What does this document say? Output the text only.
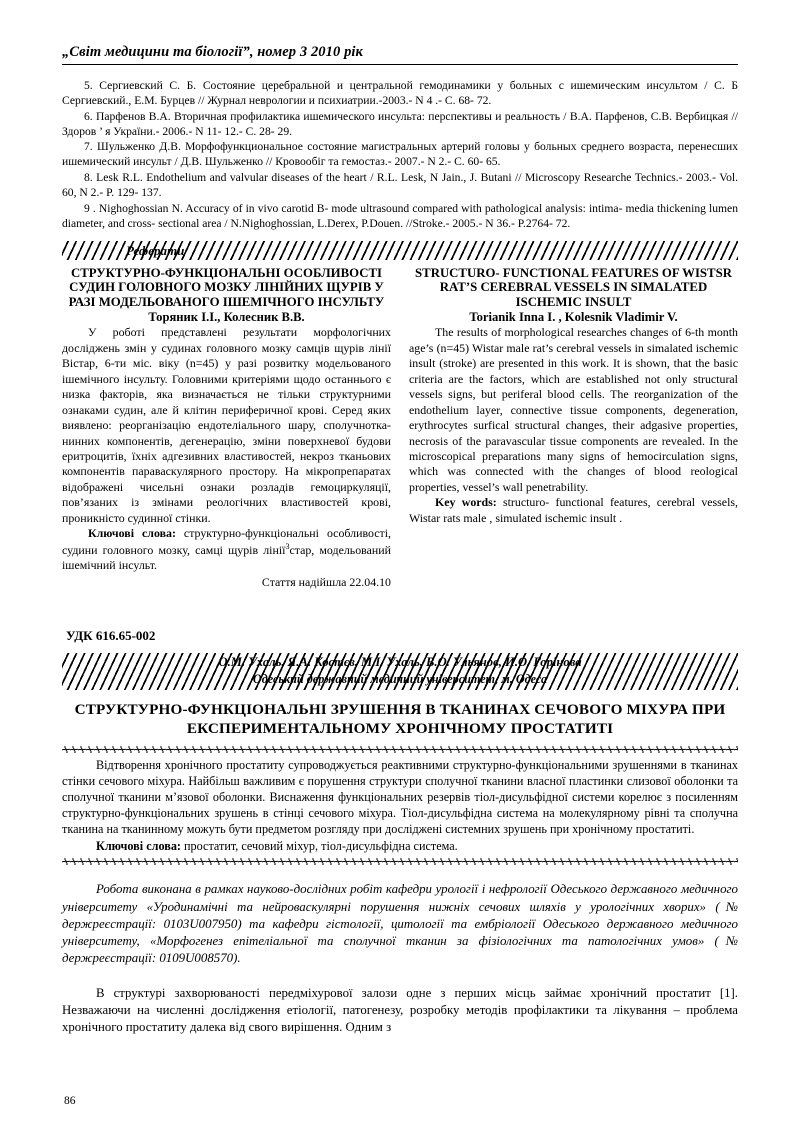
„Світ медицини та біології”, номер 3 2010 рік

5. Сергиевский С. Б. Состояние церебральной и центральной гемодинамики у больных с ишемическим инсультом / С. Б Сергиевский., Е.М. Бурцев // Журнал неврологии и психиатрии.-2003.- N 4 .- С. 68- 72.

6. Парфенов В.А. Вторичная профилактика ишемического инсульта: перспективы и реальность / В.А. Парфенов, С.В. Вербицкая // Здоров ’ я України.- 2006.- N 11- 12.- С. 28- 29.

7. Шульженко Д.В. Морфофункциональное состояние магистральных артерий головы у больных среднего возраста, перенесших ишемический инсульт / Д.В. Шульженко // Кровообіг та гемостаз.- 2007.- N 2.- С. 60- 65.

8. Lesk R.L. Endothelium and valvular diseases of the heart / R.L. Lesk, N Jain., J. Butani // Microscopy Researche Technics.- 2003.- Vol. 60, N 2.- P. 129- 137.

9 . Nighoghossian N. Accuracy of in vivo carotid B- mode ultrasound compared with pathological analysis: intima- media thickening lumen diameter, and cross- sectional area / N.Nighoghossian, L.Derex, P.Douen. //Stroke.- 2005.- N 36.- P.2764- 72.

Реферати

СТРУКТУРНО-ФУНКЦІОНАЛЬНІ ОСОБЛИВОСТІ СУДИН ГОЛОВНОГО МОЗКУ ЛІНІЙНИХ ЩУРІВ У РАЗІ МОДЕЛЬОВАНОГО ІШЕМІЧНОГО ІНСУЛЬТУ

Торяник І.І., Колесник В.В.

У роботі представлені результати морфологічних досліджень змін у судинах головного мозку самців щурів лінії Вістар, 6-ти міс. віку (n=45) у разі розвитку модельованого ішемічного інсульту. Головними критеріями щодо останнього є низка факторів, яка визначається не тільки структурними ознаками судин, але й клітин периферичної крові. Серед яких виявлено: реорганізацію ендотеліального шару, сполучнотка-нинних компонентів, дегенерацію, зміни поверхневої будови еритроцитів, їхніх адгезивних властивостей, некроз тканьових компонентів параваскулярного простору. На мікропрепаратах відображені чисельні ознаки розладів гемоциркуляції, пов’язаних із змінами реологічних властивостей крові, проникністо судинної стінки.

Ключові слова: структурно-функціональні особливості, судини головного мозку, самці щурів лінії$^3$стар, модельований ішемічний інсульт.

Стаття надійшла 22.04.10

STRUCTURO- FUNCTIONAL FEATURES OF WISTSR RAT’S CEREBRAL VESSELS IN SIMALATED ISCHEMIC INSULT

Torianik Inna I. , Kolesnik Vladimir V.

The results of morphological researches changes of 6-th month age’s (n=45) Wistar male rat’s cerebral vessels in simalated ischemic insult (stroke) are presented in this work. It is shown, that the basic criteria are the factors, which are established not only structural vessels signs, but periferal blood cells. The reorganization of the endothelium layer, connective tissue components, degeneration, erythrocytes surfical structural changes, their adgasive properties, necrosis of the paravascular tissue components are revealed. In the microscopical preparations many signs of hemocirculation signs, which was connected with the changes of blood reological properties, vessel’s wall penetrability.

Key words: structuro- functional features, cerebral vessels, Wistar rats male , simulated ischemic insult .

УДК 616.65-002
О.М. Ухаль, Я.А. Костєв, М.І. Ухаль, В.О. Ульянов, И.О. Горінова
Одеський державний медичний університет, м. Одеса
СТРУКТУРНО-ФУНКЦІОНАЛЬНІ ЗРУШЕННЯ В ТКАНИНАХ СЕЧОВОГО МІХУРА ПРИ ЕКСПЕРИМЕНТАЛЬНОМУ ХРОНІЧНОМУ ПРОСТАТИТІ

Відтворення хронічного простатиту супроводжується реактивними структурно-функціональними зрушеннями в тканинах стінки сечового міхура. Найбільш важливим є порушення структури сполучної тканини власної пластинки слизової оболонки та сполучної тканини м’язової оболонки. Виснаження функціональних резервів тіол-дисульфідної системи корелює з посиленням структурно-функціональних зрушень в стінці сечового міхура. Тіол-дисульфідна система на молекулярному рівні та сполучна тканина на тканинному можуть бути предметом розгляду при дослідженi системних зрушень при хронічному простатиті.

Ключові слова: простатит, сечовий міхур, тіол-дисульфідна система.

Робота виконана в рамках науково-дослідних робіт кафедри урології і нефрології Одеського державного медичного університету «Уродинамічні та нейроваскулярні порушення нижніх сечових шляхів у урологічних хворих» (№ держреєстрації: 0103U007950) та кафедри гістології, цитології та ембріології Одеського державного медичного університету, «Морфогенез епітеліальної та сполучної тканин за фізіологічних та патологічних умов» (№ держреєстрації: 0109U008570).

В структурі захворюваності передміхурової залози одне з перших місць займає хронічний простатит [1]. Незважаючи на численні дослідження етіології, патогенезу, розробку методів профілактики та лікування – проблема хронічного простатиту далека від свого вирішення. Одним з

86
